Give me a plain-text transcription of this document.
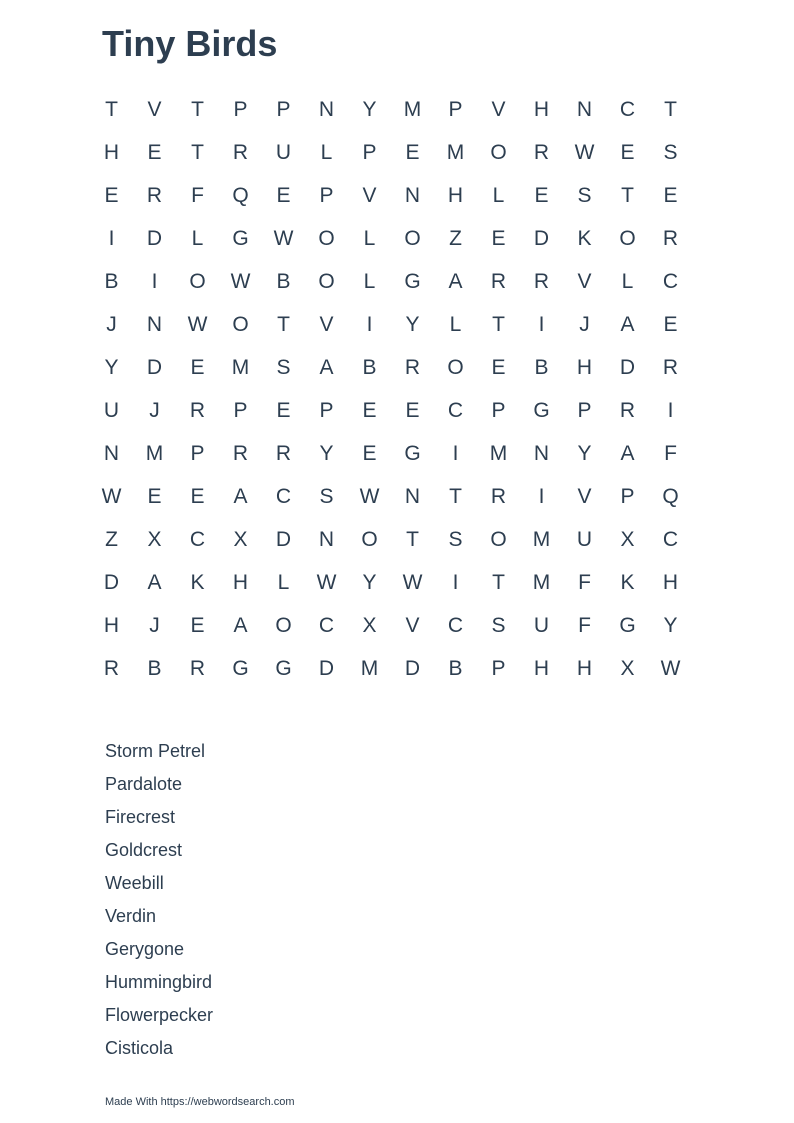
Tiny Birds
T	V	T	P	P	N	Y	M	P	V	H	N	C	T
H	E	T	R	U	L	P	E	M	O	R	W	E	S
E	R	F	Q	E	P	V	N	H	L	E	S	T	E
I	D	L	G	W	O	L	O	Z	E	D	K	O	R
B	I	O	W	B	O	L	G	A	R	R	V	L	C
J	N	W	O	T	V	I	Y	L	T	I	J	A	E
Y	D	E	M	S	A	B	R	O	E	B	H	D	R
U	J	R	P	E	P	E	E	C	P	G	P	R	I
N	M	P	R	R	Y	E	G	I	M	N	Y	A	F
W	E	E	A	C	S	W	N	T	R	I	V	P	Q
Z	X	C	X	D	N	O	T	S	O	M	U	X	C
D	A	K	H	L	W	Y	W	I	T	M	F	K	H
H	J	E	A	O	C	X	V	C	S	U	F	G	Y
R	B	R	G	G	D	M	D	B	P	H	H	X	W
Storm Petrel
Pardalote
Firecrest
Goldcrest
Weebill
Verdin
Gerygone
Hummingbird
Flowerpecker
Cisticola
Made With https://webwordsearch.com
